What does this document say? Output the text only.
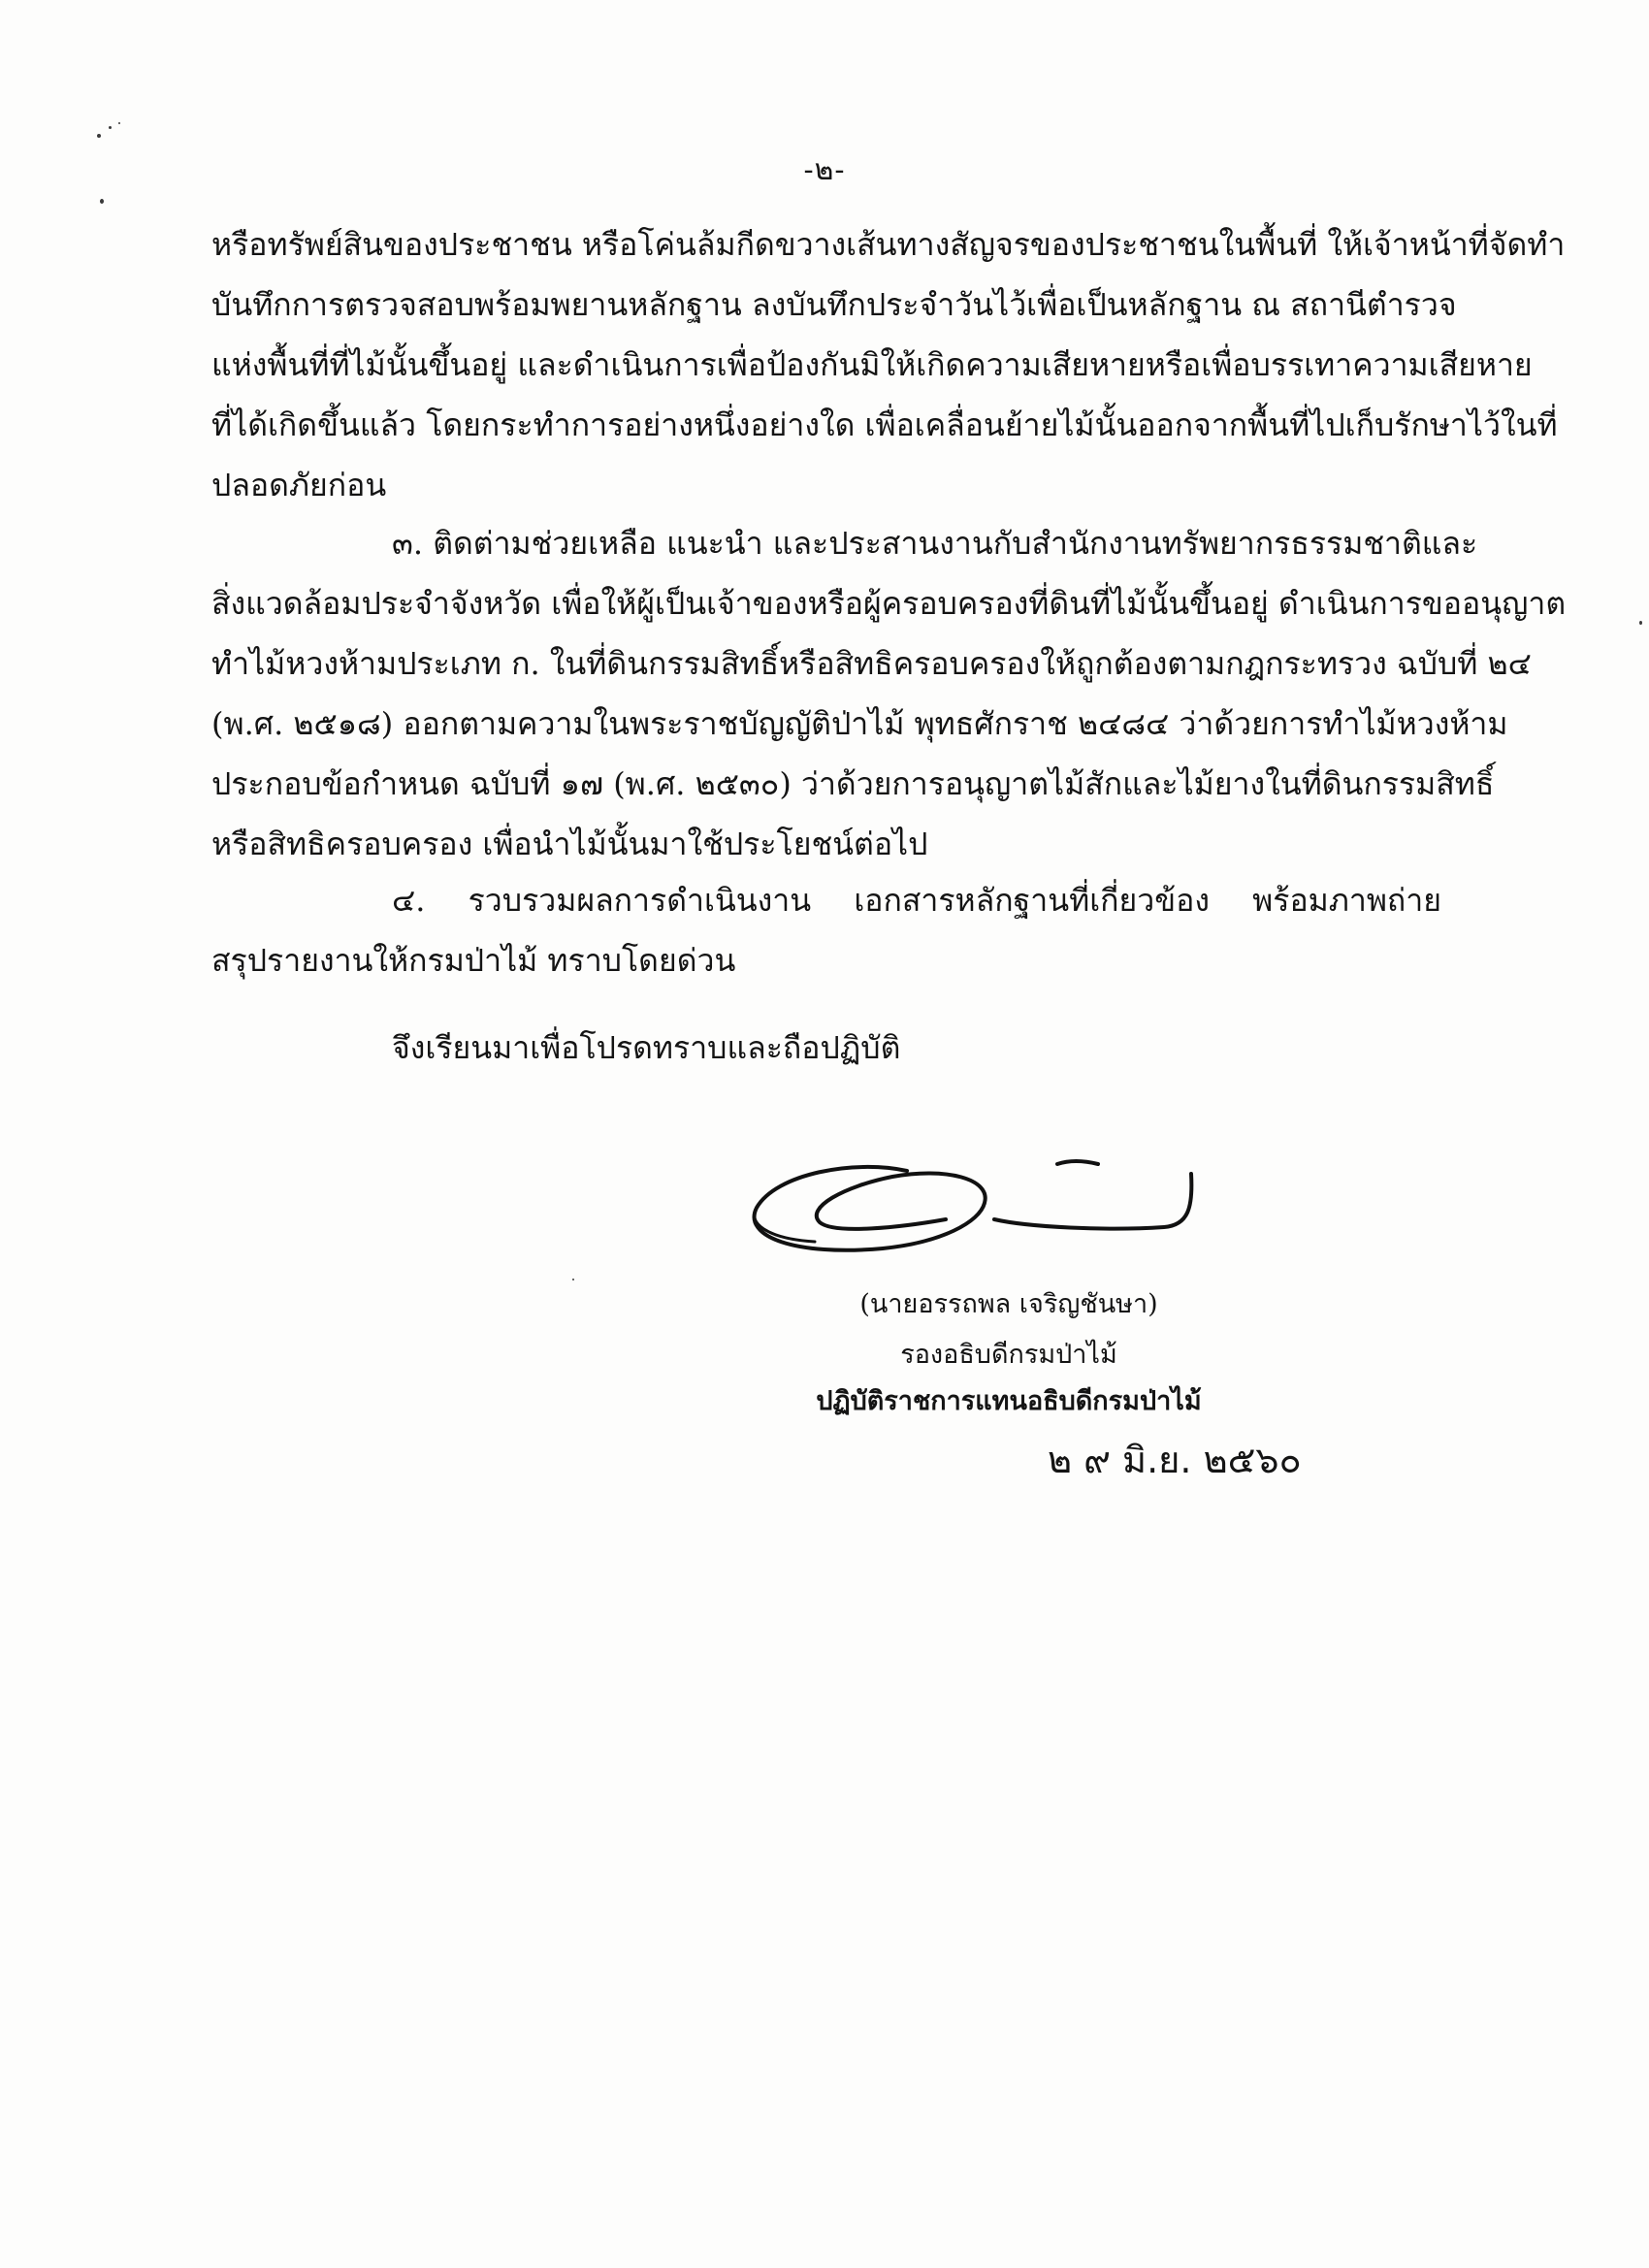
-๒-
หรือทรัพย์สินของประชาชน หรือโค่นล้มกีดขวางเส้นทางสัญจรของประชาชนในพื้นที่ ให้เจ้าหน้าที่จัดทำ
บันทึกการตรวจสอบพร้อมพยานหลักฐาน ลงบันทึกประจำวันไว้เพื่อเป็นหลักฐาน ณ สถานีตำรวจ
แห่งพื้นที่ที่ไม้นั้นขึ้นอยู่ และดำเนินการเพื่อป้องกันมิให้เกิดความเสียหายหรือเพื่อบรรเทาความเสียหาย
ที่ได้เกิดขึ้นแล้ว โดยกระทำการอย่างหนึ่งอย่างใด เพื่อเคลื่อนย้ายไม้นั้นออกจากพื้นที่ไปเก็บรักษาไว้ในที่
ปลอดภัยก่อน
๓. ติดต่ามช่วยเหลือ แนะนำ และประสานงานกับสำนักงานทรัพยากรธรรมชาติและ
สิ่งแวดล้อมประจำจังหวัด เพื่อให้ผู้เป็นเจ้าของหรือผู้ครอบครองที่ดินที่ไม้นั้นขึ้นอยู่ ดำเนินการขออนุญาต
ทำไม้หวงห้ามประเภท ก. ในที่ดินกรรมสิทธิ์หรือสิทธิครอบครองให้ถูกต้องตามกฎกระทรวง ฉบับที่ ๒๔
(พ.ศ. ๒๕๑๘) ออกตามความในพระราชบัญญัติป่าไม้ พุทธศักราช ๒๔๘๔ ว่าด้วยการทำไม้หวงห้าม
ประกอบข้อกำหนด ฉบับที่ ๑๗ (พ.ศ. ๒๕๓๐) ว่าด้วยการอนุญาตไม้สักและไม้ยางในที่ดินกรรมสิทธิ์
หรือสิทธิครอบครอง เพื่อนำไม้นั้นมาใช้ประโยชน์ต่อไป
๔. รวบรวมผลการดำเนินงาน เอกสารหลักฐานที่เกี่ยวข้อง พร้อมภาพถ่าย
สรุปรายงานให้กรมป่าไม้ ทราบโดยด่วน
จึงเรียนมาเพื่อโปรดทราบและถือปฏิบัติ
(นายอรรถพล เจริญชันษา)
รองอธิบดีกรมป่าไม้
ปฏิบัติราชการแทนอธิบดีกรมป่าไม้
๒ ๙ มิ.ย. ๒๕๖๐
